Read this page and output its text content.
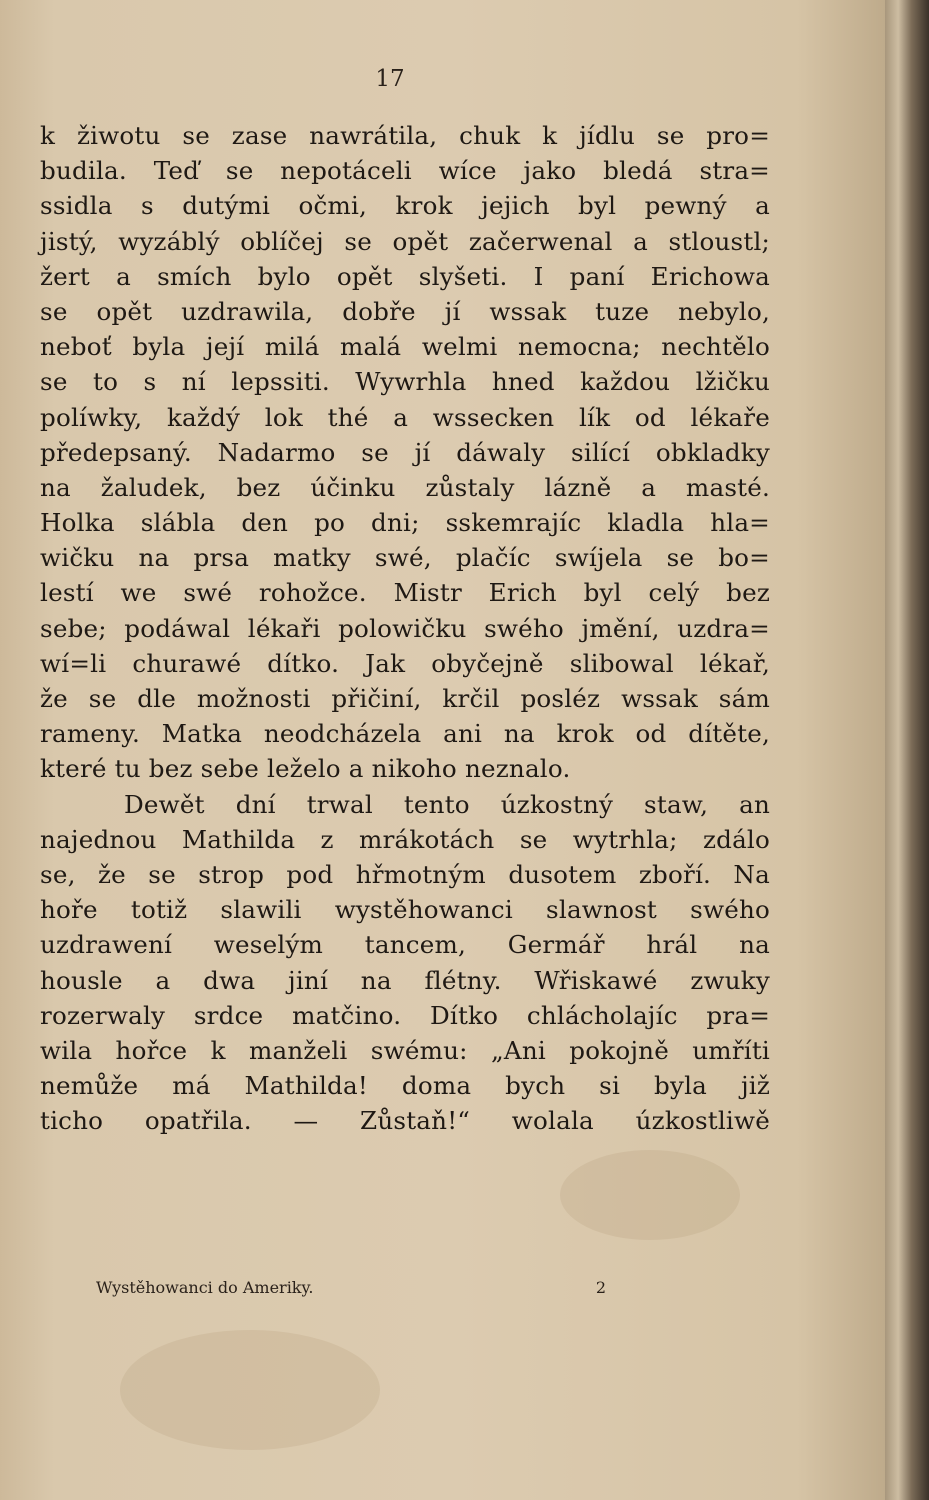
17
k žiwotu se zase nawrátila, chuk k jídlu se pro=
budila. Teď se nepotáceli wíce jako bledá stra=
ssidla s dutými očmi, krok jejich byl pewný a
jistý, wyzáblý oblíčej se opět začerwenal a stloustl;
žert a smích bylo opět slyšeti. I paní Erichowa
se opět uzdrawila, dobře jí wssak tuze nebylo,
neboť byla její milá malá welmi nemocna; nechtělo
se to s ní lepssiti. Wywrhla hned každou lžičku
políwky, každý lok thé a wssecken lík od lékaře
předepsaný. Nadarmo se jí dáwaly silící obkladky
na žaludek, bez účinku zůstaly lázně a masté.
Holka slábla den po dni; sskemrajíc kladla hla=
wičku na prsa matky swé, plačíc swíjela se bo=
lestí we swé rohožce. Mistr Erich byl celý bez
sebe; podáwal lékaři polowičku swého jmění, uzdra=
wí=li churawé dítko. Jak obyčejně slibowal lékař,
že se dle možnosti přičiní, krčil posléz wssak sám
rameny. Matka neodcházela ani na krok od dítěte,
které tu bez sebe leželo a nikoho neznalo.
Dewět dní trwal tento úzkostný staw, an
najednou Mathilda z mrákotách se wytrhla; zdálo
se, že se strop pod hřmotným dusotem zboří. Na
hoře totiž slawili wystěhowanci slawnost swého
uzdrawení weselým tancem, Germář hrál na
housle a dwa jiní na flétny. Wřiskawé zwuky
rozerwaly srdce matčino. Dítko chlácholajíc pra=
wila hořce k manželi swému: „Ani pokojně umříti
nemůže má Mathilda! doma bych si byla již
ticho opatřila. — Zůstaň!“ wolala úzkostliwě
Wystěhowanci do Ameriky.	2
